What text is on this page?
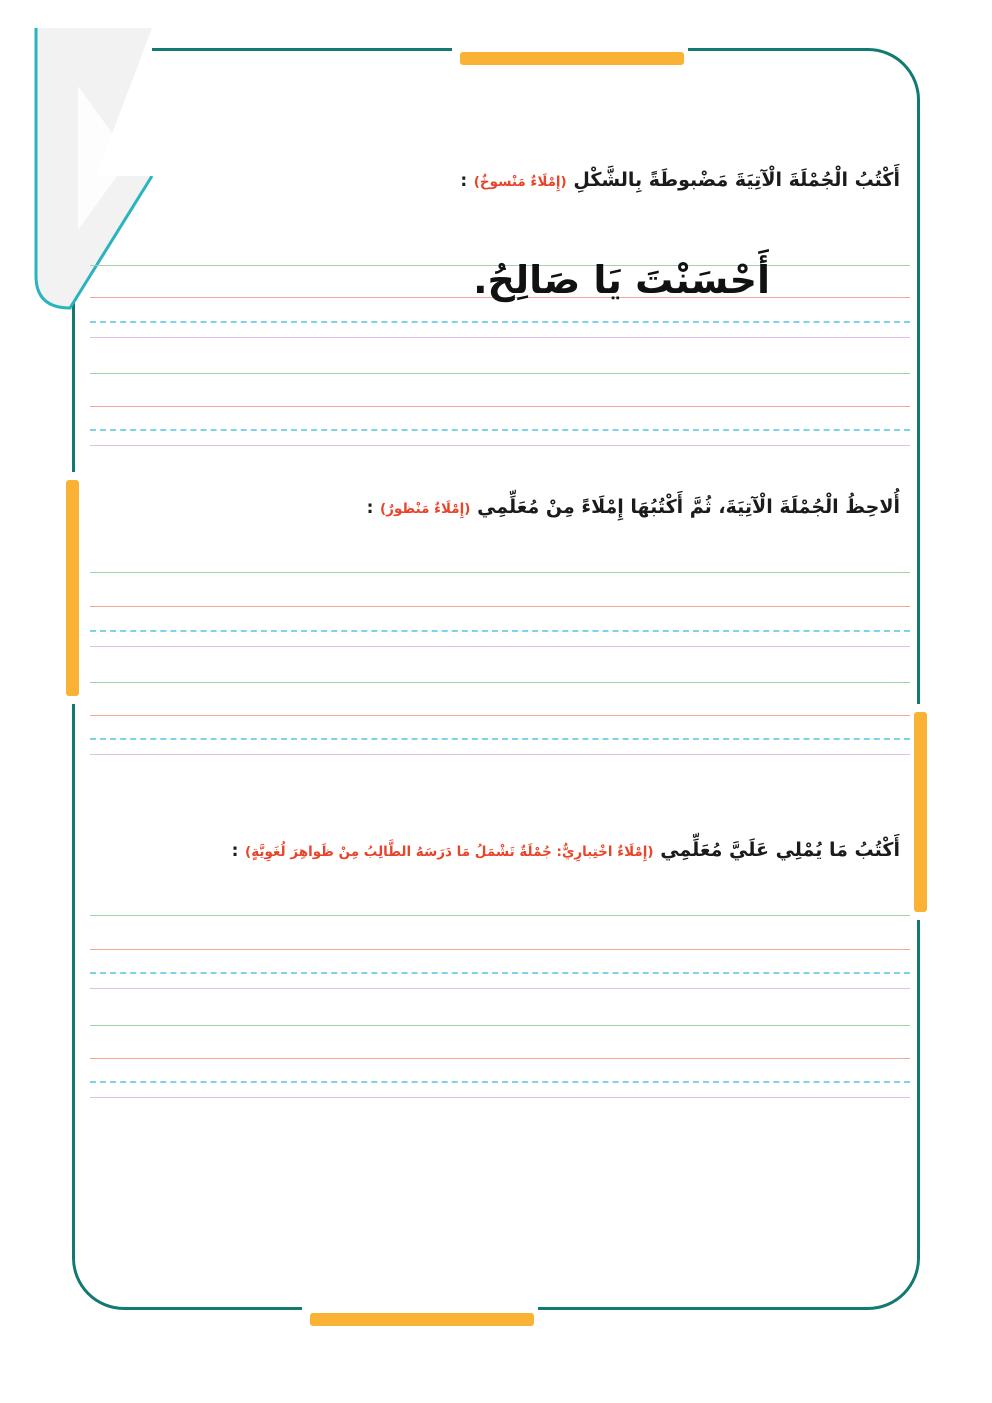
أَكْتُبُ الْجُمْلَةَ الْآتِيَةَ مَضْبوطَةً بِالشَّكْلِ (إِمْلَاءٌ مَنْسوخٌ) :
أَحْسَنْتَ يَا صَالِحُ.
أُلاحِظُ الْجُمْلَةَ الْآتِيَةَ، ثُمَّ أَكْتُبُهَا إِمْلَاءً مِنْ مُعَلِّمِي (إِمْلَاءٌ مَنْظورٌ) :
أَكْتُبُ مَا يُمْلِي عَلَيَّ مُعَلِّمِي (إِمْلَاءٌ اخْتِبارِيٌّ: جُمْلَةٌ تَشْمَلُ مَا دَرَسَهُ الطَّالِبُ مِنْ ظَواهِرَ لُغَوِيَّةٍ) :
